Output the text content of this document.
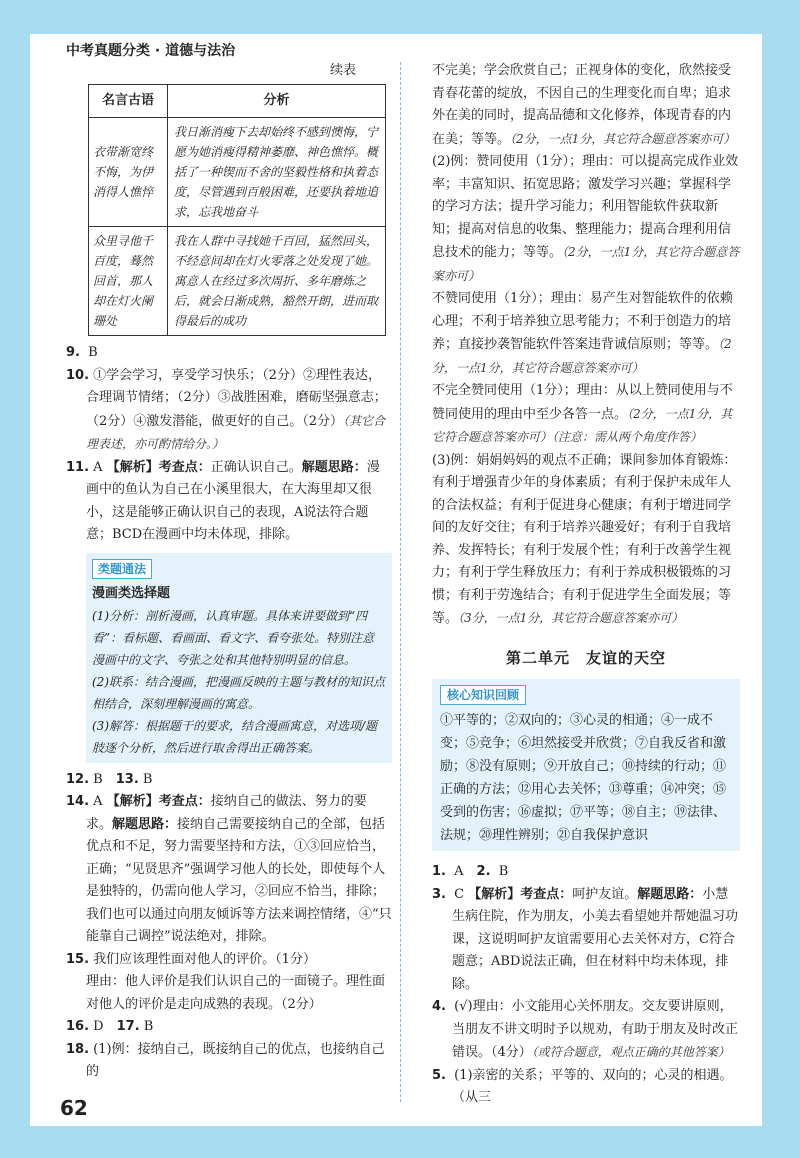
中考真题分类 · 道德与法治
续表
名言古语	分析
衣带渐宽终不悔，为伊消得人憔悴	我日渐消瘦下去却始终不感到懊悔，宁愿为她消瘦得精神萎靡、神色憔悴。概括了一种锲而不舍的坚毅性格和执着态度，尽管遇到百般困难，还要执着地追求，忘我地奋斗
众里寻他千百度，蓦然回首，那人却在灯火阑珊处	我在人群中寻找她千百回，猛然回头，不经意间却在灯火零落之处发现了她。寓意人在经过多次周折、多年磨炼之后，就会日渐成熟，豁然开朗，进而取得最后的成功

9. B

10. ①学会学习，享受学习快乐；（2分）②理性表达，合理调节情绪；（2分）③战胜困难，磨砺坚强意志；（2分）④激发潜能，做更好的自己。（2分）（其它合理表述，亦可酌情给分。）

11. A 【解析】考查点：正确认识自己。解题思路：漫画中的鱼认为自己在小溪里很大，在大海里却又很小，这是能够正确认识自己的表现，A说法符合题意；BCD在漫画中均未体现，排除。

类题通法
漫画类选择题
(1)分析：剖析漫画，认真审题。具体来讲要做到“四看”：看标题、看画面、看文字、看夸张处。特别注意漫画中的文字、夸张之处和其他特别明显的信息。
(2)联系：结合漫画，把漫画反映的主题与教材的知识点相结合，深刻理解漫画的寓意。
(3)解答：根据题干的要求，结合漫画寓意，对选项/题肢逐个分析，然后进行取舍得出正确答案。

12. B　 13. B

14. A 【解析】考查点：接纳自己的做法、努力的要求。解题思路：接纳自己需要接纳自己的全部，包括优点和不足，努力需要坚持和方法，①③回应恰当，正确；“见贤思齐”强调学习他人的长处，即使每个人是独特的，仍需向他人学习，②回应不恰当，排除；我们也可以通过向朋友倾诉等方法来调控情绪，④“只能靠自己调控”说法绝对，排除。

15. 我们应该理性面对他人的评价。（1分）
理由：他人评价是我们认识自己的一面镜子。理性面对他人的评价是走向成熟的表现。（2分）

16. D　 17. B

18. (1)例：接纳自己，既接纳自己的优点，也接纳自己的

不完美；学会欣赏自己；正视身体的变化，欣然接受青春花蕾的绽放，不因自己的生理变化而自卑；追求外在美的同时，提高品德和文化修养，体现青春的内在美；等等。（2分，一点1分，其它符合题意答案亦可）

(2)例：赞同使用（1分）；理由：可以提高完成作业效率；丰富知识、拓宽思路；激发学习兴趣；掌握科学的学习方法；提升学习能力；利用智能软件获取新知；提高对信息的收集、整理能力；提高合理利用信息技术的能力；等等。（2分，一点1分，其它符合题意答案亦可）

不赞同使用（1分）；理由：易产生对智能软件的依赖心理；不利于培养独立思考能力；不利于创造力的培养；直接抄袭智能软件答案违背诚信原则；等等。（2分，一点1分，其它符合题意答案亦可）

不完全赞同使用（1分）；理由：从以上赞同使用与不赞同使用的理由中至少各答一点。（2分，一点1分，其它符合题意答案亦可）（注意：需从两个角度作答）

(3)例：娟娟妈妈的观点不正确；课间参加体育锻炼：有利于增强青少年的身体素质；有利于保护未成年人的合法权益；有利于促进身心健康；有利于增进同学间的友好交往；有利于培养兴趣爱好；有利于自我培养、发挥特长；有利于发展个性；有利于改善学生视力；有利于学生释放压力；有利于养成积极锻炼的习惯；有利于劳逸结合；有利于促进学生全面发展；等等。（3分，一点1分，其它符合题意答案亦可）

第二单元　友谊的天空
核心知识回顾
①平等的；②双向的；③心灵的相通；④一成不变；⑤竞争；⑥坦然接受并欣赏；⑦自我反省和激励；⑧没有原则；⑨开放自己；⑩持续的行动；⑪正确的方法；⑫用心去关怀；⑬尊重；⑭冲突；⑮受到的伤害；⑯虚拟；⑰平等；⑱自主；⑲法律、法规；⑳理性辨别；㉑自我保护意识

1. A　 2. B

3. C 【解析】考查点：呵护友谊。解题思路：小慧生病住院，作为朋友，小美去看望她并帮她温习功课，这说明呵护友谊需要用心去关怀对方，C符合题意；ABD说法正确，但在材料中均未体现，排除。

4. (√)理由：小文能用心关怀朋友。交友要讲原则，当朋友不讲文明时予以规劝，有助于朋友及时改正错误。（4分）（或符合题意，观点正确的其他答案）

5. (1)亲密的关系；平等的、双向的；心灵的相遇。（从三

62
